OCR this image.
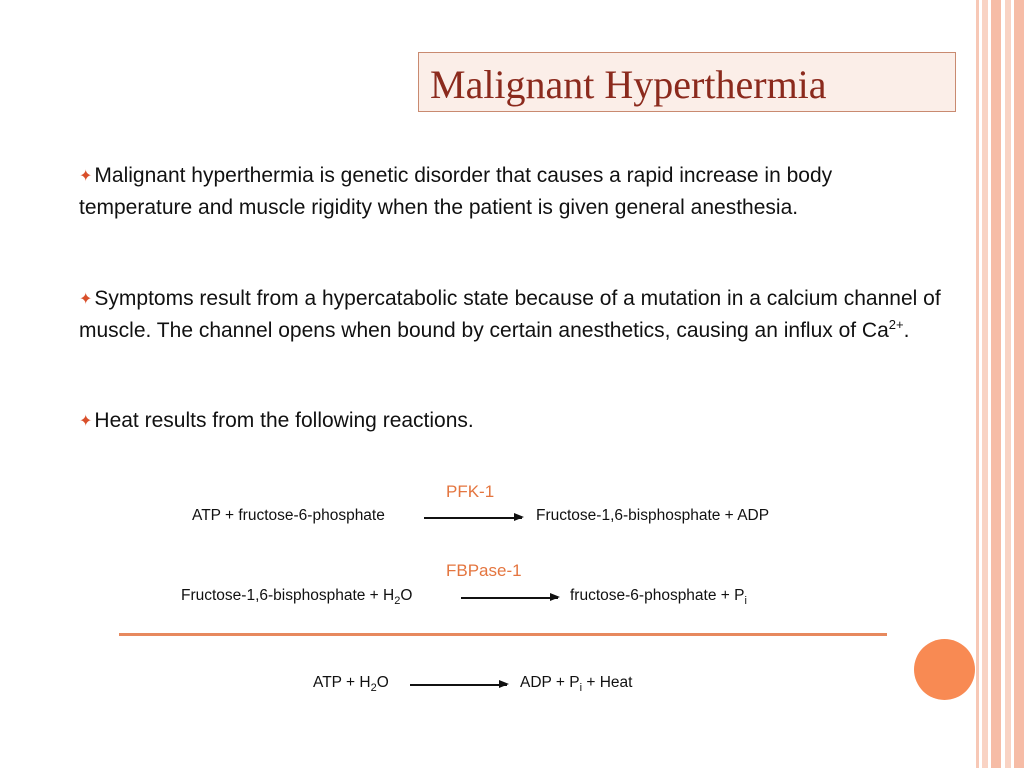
Malignant Hyperthermia
✦Malignant hyperthermia is genetic disorder that causes a rapid increase in body temperature and muscle rigidity when the patient is given general anesthesia.
✦Symptoms result from a hypercatabolic state because of a mutation in a calcium channel of muscle. The channel opens when bound by certain anesthetics, causing an influx of $Ca^{2+}$.
✦Heat results from the following reactions.
PFK-1
ATP + fructose-6-phosphate	Fructose-1,6-bisphosphate + ADP
FBPase-1
Fructose-1,6-bisphosphate + $H_2O$	fructose-6-phosphate + $P_i$
ATP + $H_2O$	ADP + $P_i$ + Heat
